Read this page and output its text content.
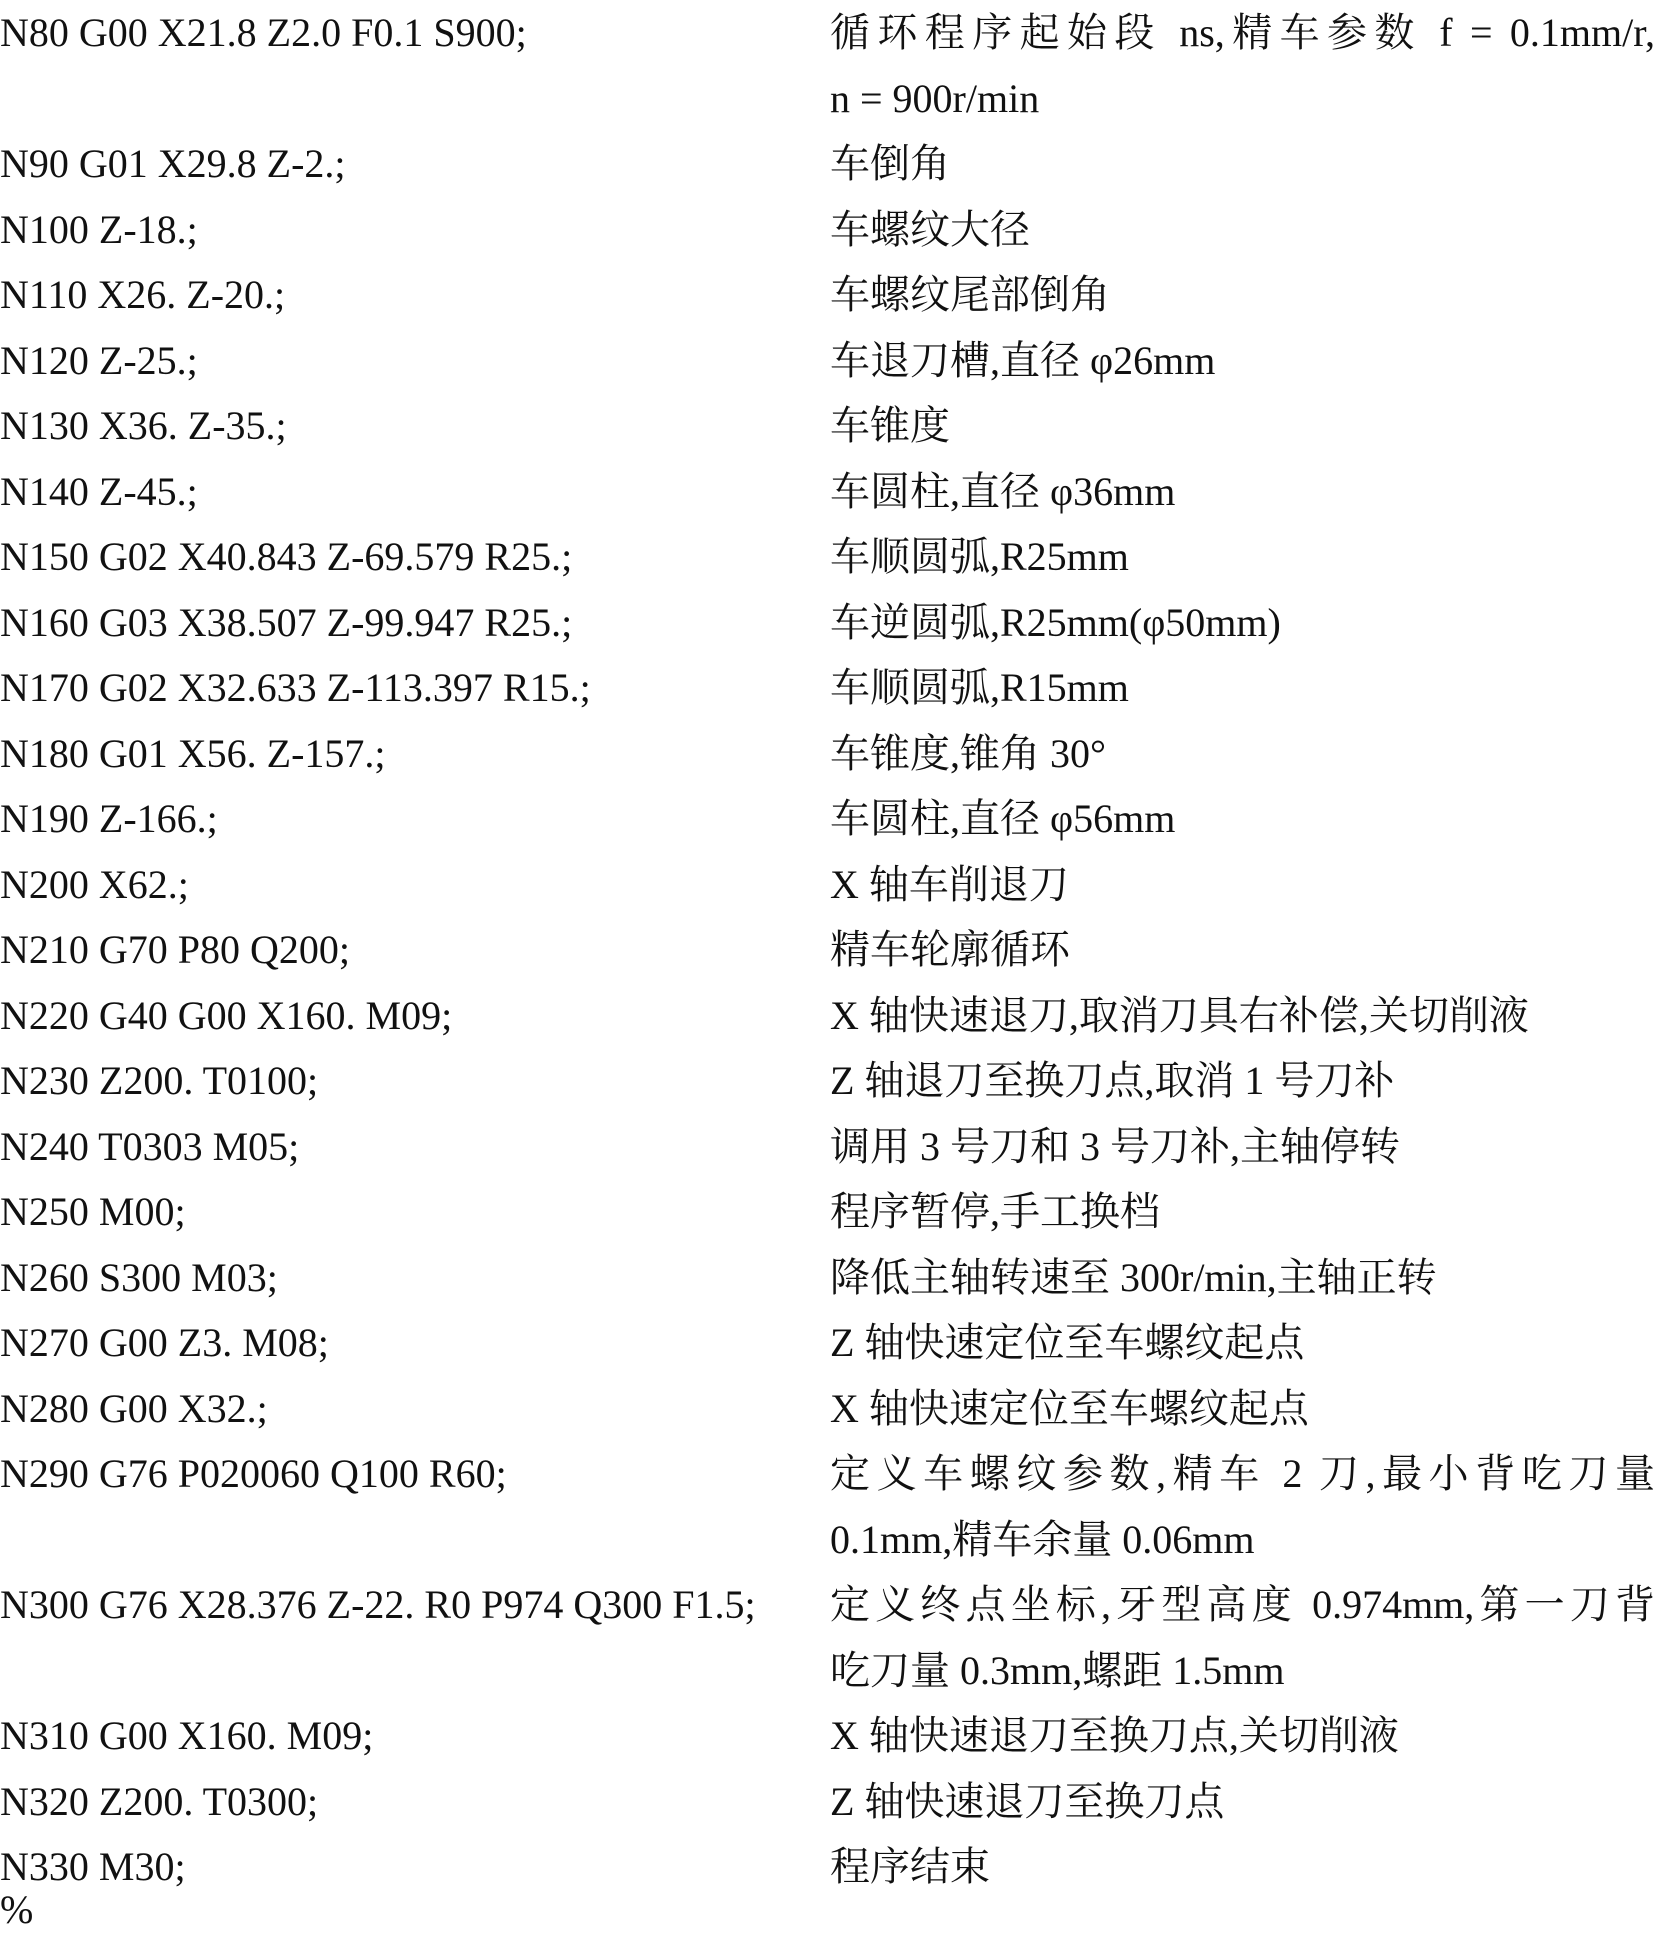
N80 G00 X21.8 Z2.0 F0.1 S900;	循环程序起始段 ns,精车参数 f = 0.1mm/r,
n = 900r/min
N90 G01 X29.8 Z-2.;	车倒角
N100 Z-18.;	车螺纹大径
N110 X26. Z-20.;	车螺纹尾部倒角
N120 Z-25.;	车退刀槽,直径 φ26mm
N130 X36. Z-35.;	车锥度
N140 Z-45.;	车圆柱,直径 φ36mm
N150 G02 X40.843 Z-69.579 R25.;	车顺圆弧,R25mm
N160 G03 X38.507 Z-99.947 R25.;	车逆圆弧,R25mm(φ50mm)
N170 G02 X32.633 Z-113.397 R15.;	车顺圆弧,R15mm
N180 G01 X56. Z-157.;	车锥度,锥角 30°
N190 Z-166.;	车圆柱,直径 φ56mm
N200 X62.;	X 轴车削退刀
N210 G70 P80 Q200;	精车轮廓循环
N220 G40 G00 X160. M09;	X 轴快速退刀,取消刀具右补偿,关切削液
N230 Z200. T0100;	Z 轴退刀至换刀点,取消 1 号刀补
N240 T0303 M05;	调用 3 号刀和 3 号刀补,主轴停转
N250 M00;	程序暂停,手工换档
N260 S300 M03;	降低主轴转速至 300r/min,主轴正转
N270 G00 Z3. M08;	Z 轴快速定位至车螺纹起点
N280 G00 X32.;	X 轴快速定位至车螺纹起点
N290 G76 P020060 Q100 R60;	定义车螺纹参数,精车 2 刀,最小背吃刀量
0.1mm,精车余量 0.06mm
N300 G76 X28.376 Z-22. R0 P974 Q300 F1.5;	定义终点坐标,牙型高度 0.974mm,第一刀背
吃刀量 0.3mm,螺距 1.5mm
N310 G00 X160. M09;	X 轴快速退刀至换刀点,关切削液
N320 Z200. T0300;	Z 轴快速退刀至换刀点
N330 M30;	程序结束
%
